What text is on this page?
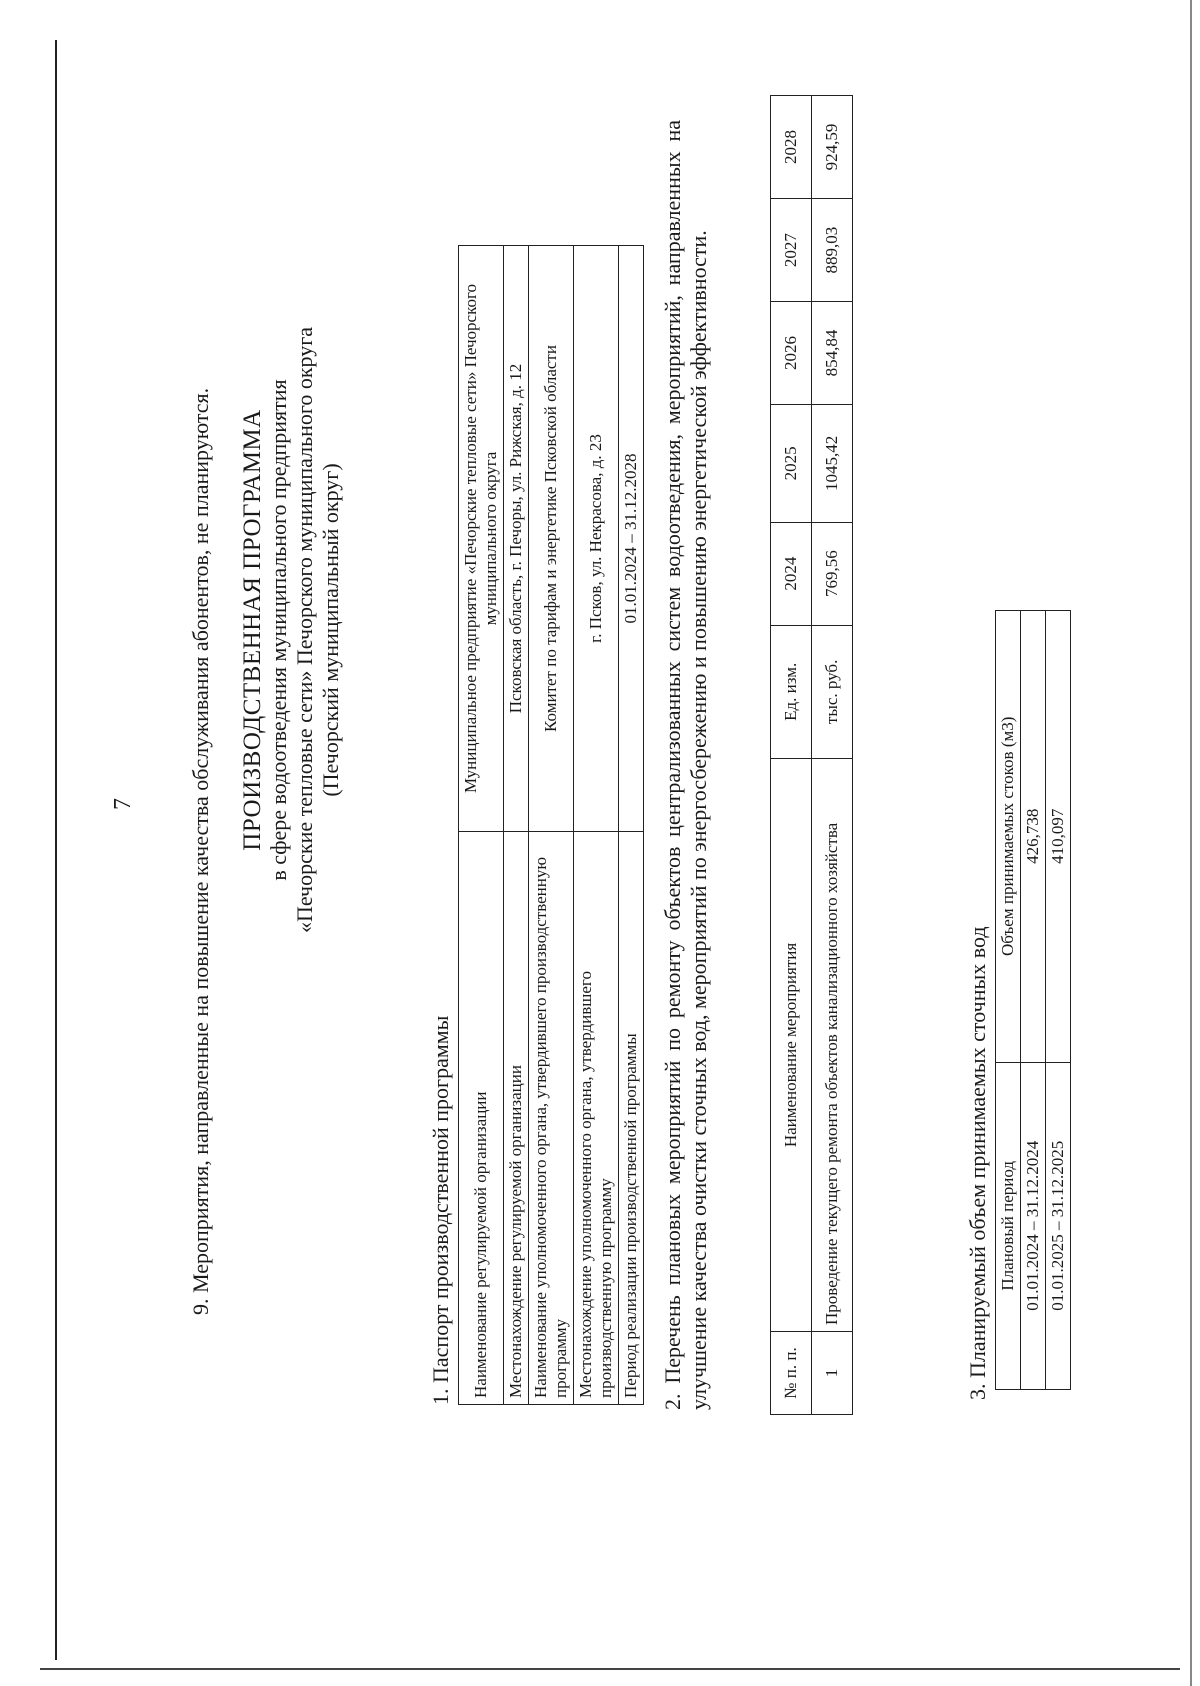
7 9. Мероприятия, направленные на повышение качества обслуживания абонентов, не планируются. ПРОИЗВОДСТВЕННАЯ ПРОГРАММА в сфере водоотведения муниципального предприятия «Печорские тепловые сети» Печорского муниципального округа (Печорский муниципальный округ)
1. Паспорт производственной программы Наименование регулируемой организации	Муниципальное предприятие «Печорские тепловые сети» Печорского муниципального округа
Местонахождение регулируемой организации	Псковская область, г. Печоры, ул. Рижская, д. 12
Наименование уполномоченного органа, утвердившего производственную программу	Комитет по тарифам и энергетике Псковской области
Местонахождение уполномоченного органа, утвердившего производственную программу	г. Псков, ул. Некрасова, д. 23
Период реализации производственной программы	01.01.2024 – 31.12.2028 2. Перечень плановых мероприятий по ремонту объектов централизованных систем водоотведения, мероприятий, направленных на улучшение качества очистки сточных вод, мероприятий по энергосбережению и повышению энергетической эффективности.	№ п. п.	Наименование мероприятия	Ед. изм.	2024	2025	2026	2027	2028
1	Проведение текущего ремонта объектов канализационного хозяйства	тыс. руб.	769,56	1045,42	854,84	889,03	924,59
3. Планируемый объем принимаемых сточных вод Плановый период	Объем принимаемых стоков (м3)
01.01.2024 – 31.12.2024	426,738
01.01.2025 – 31.12.2025	410,097
